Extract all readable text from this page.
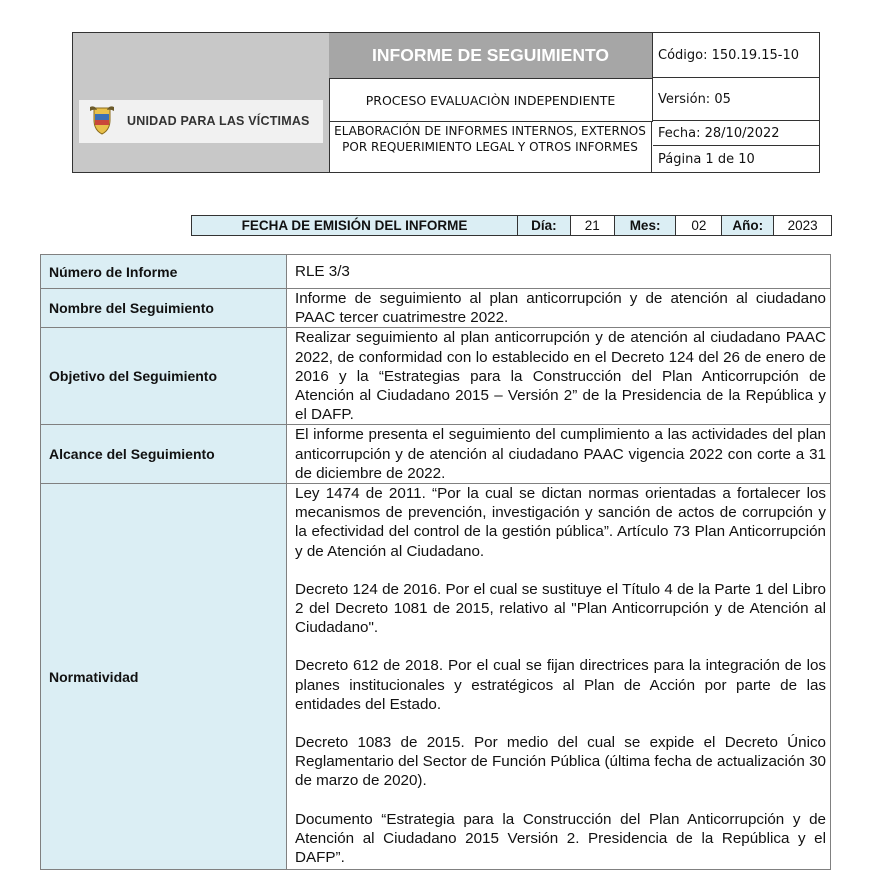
UNIDAD PARA LAS VÍCTIMAS
INFORME DE SEGUIMIENTO
PROCESO EVALUACIÒN INDEPENDIENTE
ELABORACIÓN DE INFORMES INTERNOS, EXTERNOS POR REQUERIMIENTO LEGAL Y OTROS INFORMES
Código: 150.19.15-10
Versión: 05
Fecha: 28/10/2022
Página 1 de 10
FECHA DE EMISIÓN DEL INFORME	Día:	21	Mes:	02	Año:	2023
Número de Informe	RLE 3/3
Nombre del Seguimiento	Informe de seguimiento al plan anticorrupción y de atención al ciudadano PAAC tercer cuatrimestre 2022.
Objetivo del Seguimiento	Realizar seguimiento al plan anticorrupción y de atención al ciudadano PAAC 2022, de conformidad con lo establecido en el Decreto 124 del 26 de enero de 2016 y la “Estrategias para la Construcción del Plan Anticorrupción de Atención al Ciudadano 2015 – Versión 2” de la Presidencia de la República y el DAFP.
Alcance del Seguimiento	El informe presenta el seguimiento del cumplimiento a las actividades del plan anticorrupción y de atención al ciudadano PAAC vigencia 2022 con corte a 31 de diciembre de 2022.
Normatividad	Ley 1474 de 2011. “Por la cual se dictan normas orientadas a fortalecer los mecanismos de prevención, investigación y sanción de actos de corrupción y la efectividad del control de la gestión pública”. Artículo 73 Plan Anticorrupción y de Atención al Ciudadano.

Decreto 124 de 2016. Por el cual se sustituye el Título 4 de la Parte 1 del Libro 2 del Decreto 1081 de 2015, relativo al "Plan Anticorrupción y de Atención al Ciudadano".

Decreto 612 de 2018. Por el cual se fijan directrices para la integración de los planes institucionales y estratégicos al Plan de Acción por parte de las entidades del Estado.

Decreto 1083 de 2015. Por medio del cual se expide el Decreto Único Reglamentario del Sector de Función Pública (última fecha de actualización 30 de marzo de 2020).

Documento “Estrategia para la Construcción del Plan Anticorrupción y de Atención al Ciudadano 2015 Versión 2. Presidencia de la República y el DAFP”.
